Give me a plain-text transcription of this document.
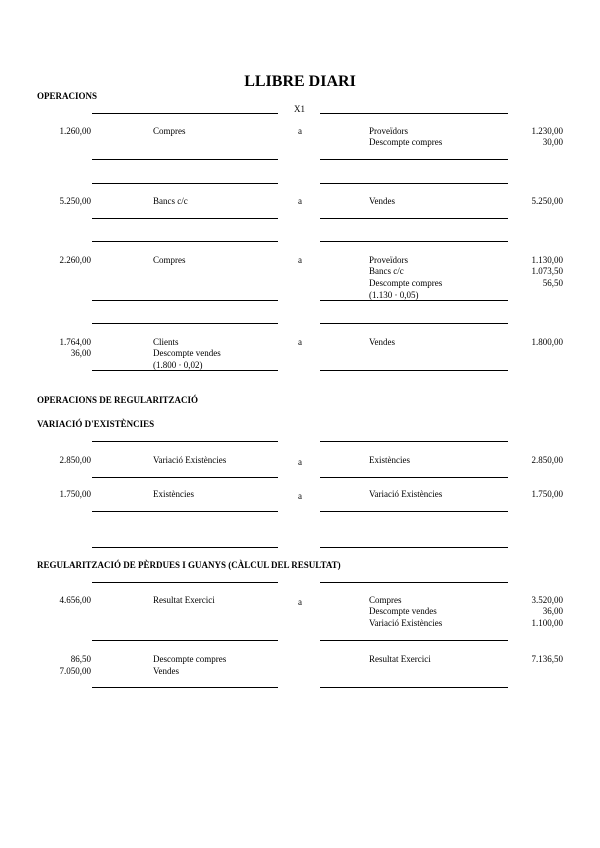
LLIBRE DIARI
OPERACIONS
X1
1.260,00	Compres	a	Proveïdors	1.230,00
Descompte compres	30,00
5.250,00	Bancs c/c	a	Vendes	5.250,00
2.260,00	Compres	a	Proveïdors	1.130,00
Bancs c/c	1.073,50
Descompte compres	56,50
(1.130 · 0,05)
1.764,00	Clients
36,00	Descompte vendes
(1.800 · 0,02)
a	Vendes	1.800,00
OPERACIONS DE REGULARITZACIÓ
VARIACIÓ D'EXISTÈNCIES
2.850,00	Variació Existències	a	Existències	2.850,00
1.750,00	Existències	a	Variació Existències	1.750,00
REGULARITZACIÓ DE PÈRDUES I GUANYS (CÀLCUL DEL RESULTAT)
4.656,00	Resultat Exercici	a	Compres	3.520,00
Descompte vendes	36,00
Variació Existències	1.100,00
86,50	Descompte compres
7.050,00	Vendes
Resultat Exercici	7.136,50
